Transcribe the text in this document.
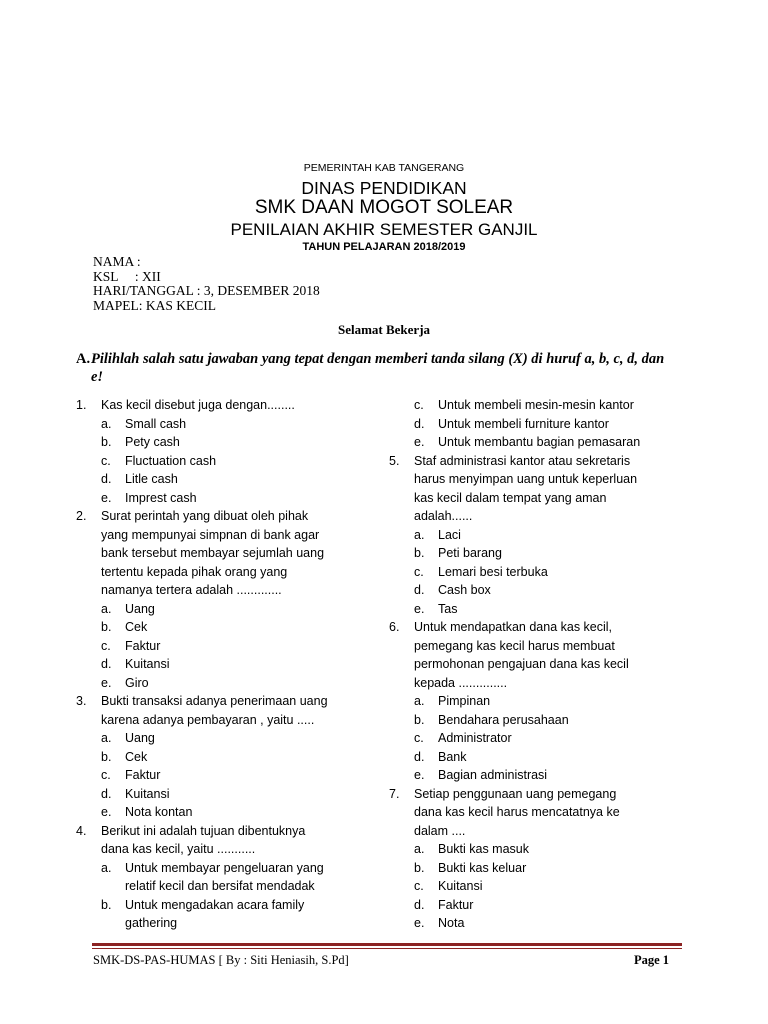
PEMERINTAH KAB TANGERANG
DINAS PENDIDIKAN
SMK DAAN MOGOT SOLEAR
PENILAIAN AKHIR SEMESTER GANJIL
TAHUN PELAJARAN 2018/2019
NAMA :
KSL     : XII
HARI/TANGGAL : 3, DESEMBER 2018
MAPEL: KAS KECIL
Selamat Bekerja
A. Pilihlah salah satu jawaban yang tepat dengan memberi tanda silang (X) di huruf a, b, c, d, dan e!
1. Kas kecil disebut juga dengan........
a. Small cash
b. Pety cash
c. Fluctuation cash
d. Litle cash
e. Imprest cash
2. Surat perintah yang dibuat oleh pihak
yang mempunyai simpnan di bank agar
bank tersebut membayar sejumlah uang
tertentu kepada pihak orang yang
namanya tertera adalah .............
a. Uang
b. Cek
c. Faktur
d. Kuitansi
e. Giro
3. Bukti transaksi adanya penerimaan uang
karena adanya pembayaran , yaitu .....
a. Uang
b. Cek
c. Faktur
d. Kuitansi
e. Nota kontan
4. Berikut ini adalah tujuan dibentuknya
dana kas kecil, yaitu ...........
a. Untuk membayar pengeluaran yang
relatif kecil dan bersifat mendadak
b. Untuk mengadakan acara family
gathering
c. Untuk membeli mesin-mesin kantor
d. Untuk membeli furniture kantor
e. Untuk membantu bagian pemasaran
5. Staf administrasi kantor atau sekretaris
harus menyimpan uang untuk keperluan
kas kecil dalam tempat yang aman
adalah......
a. Laci
b. Peti barang
c. Lemari besi terbuka
d. Cash box
e. Tas
6. Untuk mendapatkan dana kas kecil,
pemegang kas kecil harus membuat
permohonan pengajuan dana kas kecil
kepada ..............
a. Pimpinan
b. Bendahara perusahaan
c. Administrator
d. Bank
e. Bagian administrasi
7. Setiap penggunaan uang pemegang
dana kas kecil harus mencatatnya ke
dalam ....
a. Bukti kas masuk
b. Bukti kas keluar
c. Kuitansi
d. Faktur
e. Nota
SMK-DS-PAS-HUMAS [ By : Siti Heniasih, S.Pd]	Page 1
